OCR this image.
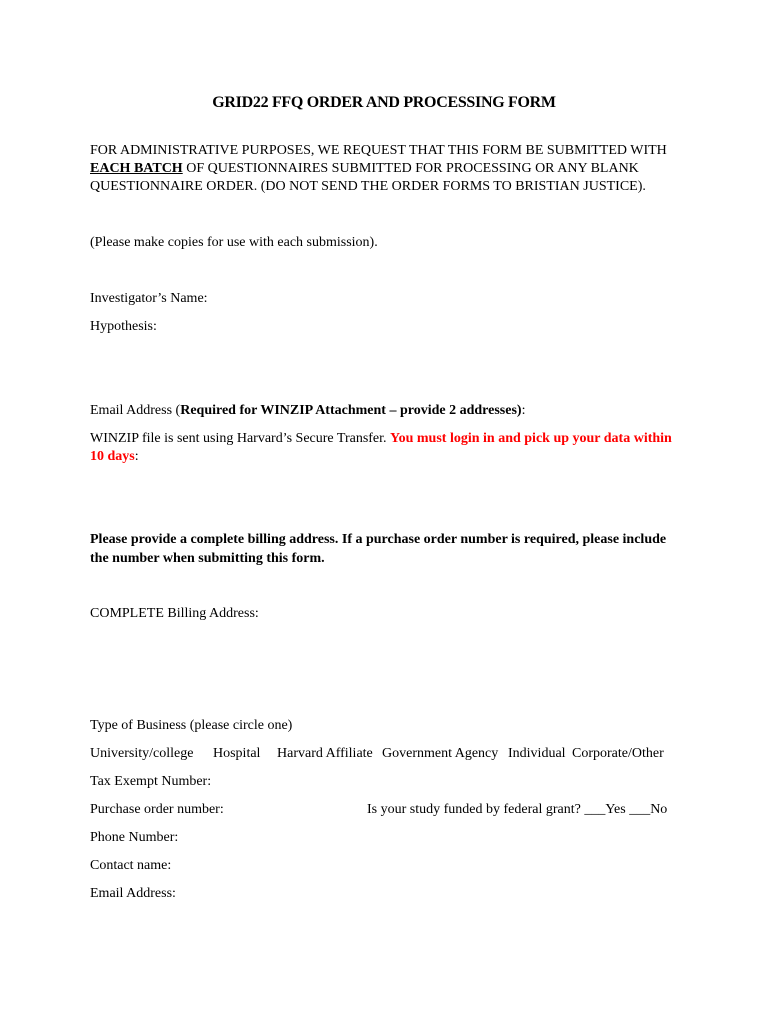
GRID22 FFQ ORDER AND PROCESSING FORM
FOR ADMINISTRATIVE PURPOSES, WE REQUEST THAT THIS FORM BE SUBMITTED WITH
EACH BATCH OF QUESTIONNAIRES SUBMITTED FOR PROCESSING OR ANY BLANK
QUESTIONNAIRE ORDER. (DO NOT SEND THE ORDER FORMS TO BRISTIAN JUSTICE).
(Please make copies for use with each submission).
Investigator’s Name:
Hypothesis:
Email Address (Required for WINZIP Attachment – provide 2 addresses):
WINZIP file is sent using Harvard’s Secure Transfer. You must login in and pick up your data within
10 days:
Please provide a complete billing address. If a purchase order number is required, please include
the number when submitting this form.
COMPLETE Billing Address:
Type of Business (please circle one)
University/college Hospital Harvard Affiliate Government Agency Individual Corporate/Other
Tax Exempt Number:
Purchase order number:	Is your study funded by federal grant? ___Yes ___No
Phone Number:
Contact name:
Email Address:
